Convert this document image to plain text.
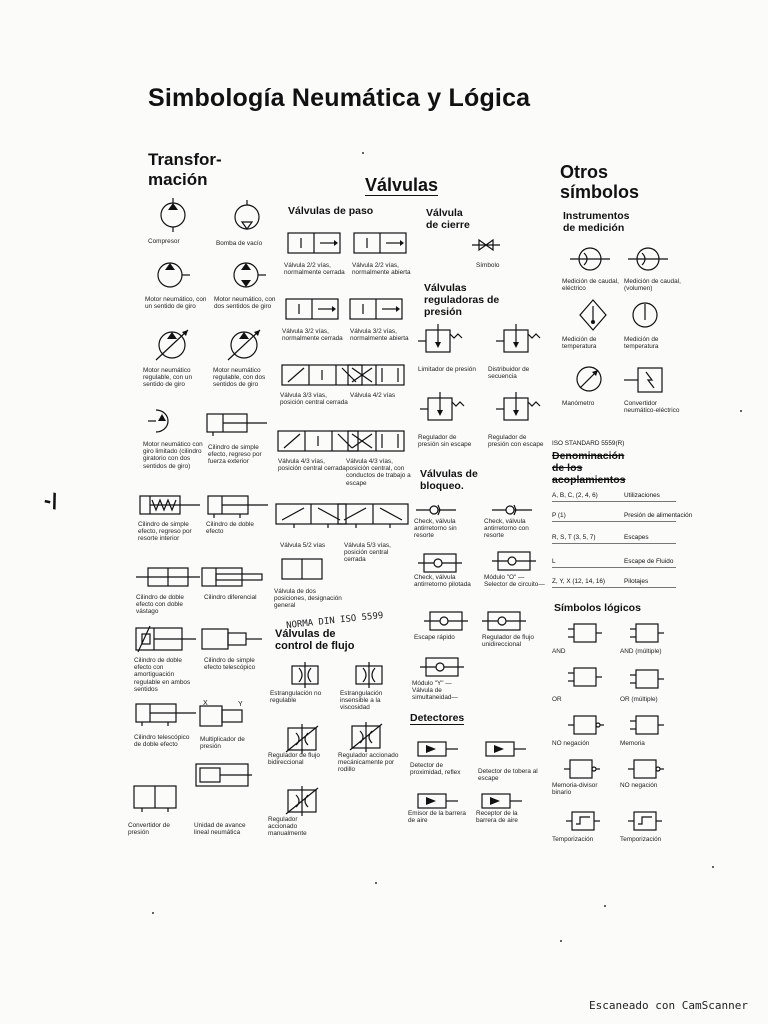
Simbología Neumática y Lógica
Transfor-
mación
Compresor	Bomba de vacío
Motor neumático, con un sentido de giro
Motor neumático, con dos sentidos de giro
Motor neumático regulable, con un sentido de giro
Motor neumático regulable, con dos sentidos de giro
Motor neumático con giro limitado (cilindro giratorio con dos sentidos de giro)
Cilindro de simple efecto, regreso por fuerza exterior
Cilindro de simple efecto, regreso por resorte interior
Cilindro de doble efecto
Cilindro de doble efecto con doble vástago
Cilindro diferencial
Cilindro de doble efecto con amortiguación regulable en ambos sentidos
Cilindro de simple efecto telescópico
Cilindro telescópico de doble efecto
X	Y
Multiplicador de presión
Convertidor de presión
Unidad de avance lineal neumática
Válvulas
Válvulas de paso
Válvula 2/2 vías, normalmente cerrada
Válvula 2/2 vías, normalmente abierta
Válvula 3/2 vías, normalmente cerrada
Válvula 3/2 vías, normalmente abierta
Válvula 3/3 vías, posición central cerrada
Válvula 4/2 vías
Válvula 4/3 vías, posición central cerrada
Válvula 4/3 vías, posición central, con conductos de trabajo a escape
Válvula 5/2 vías	Válvula 5/3 vías, posición central cerrada
Válvula de dos posiciones, designación general
NORMA DIN ISO 5599
Válvulas de
control de flujo
Estrangulación no regulable
Estrangulación insensible a la viscosidad
Regulador de flujo bidireccional
Regulador accionado mecánicamente por rodillo
Regulador accionado manualmente
Válvula
de cierre
Símbolo
Válvulas
reguladoras de
presión
Limitador de presión	Distribuidor de secuencia
Regulador de presión sin escape
Regulador de presión con escape
Válvulas de
bloqueo.
Check, válvula antirretorno sin resorte
Check, válvula antirretorno con resorte
Check, válvula antirretorno pilotada
Módulo "O" —Selector de circuito—
Escape rápido	Regulador de flujo unidireccional
Módulo "Y" —Válvula de simultaneidad—
Detectores
Detector de proximidad, reflex	Detector de tobera al escape
Emisor de la barrera de aire
Receptor de la barrera de aire
Otros
símbolos
Instrumentos
de medición
Medición de caudal, eléctrico
Medición de caudal, (volumen)
Medición de temperatura
Medición de temperatura
Manómetro	Convertidor neumático-eléctrico
ISO STANDARD 5559(R)
Denominación
de los
acoplamientos
A, B, C, (2, 4, 6)	Utilizaciones
P (1)	Presión de alimentación
R, S, T (3, 5, 7)	Escapes
L	Escape de Fluido
Z, Y, X (12, 14, 16)	Pilotajes
Símbolos lógicos
AND	AND (múltiple)
OR	OR (múltiple)
NO negación	Memoria
Memoria-divisor binario
NO negación
Temporización	Temporización
-\
Escaneado con CamScanner
